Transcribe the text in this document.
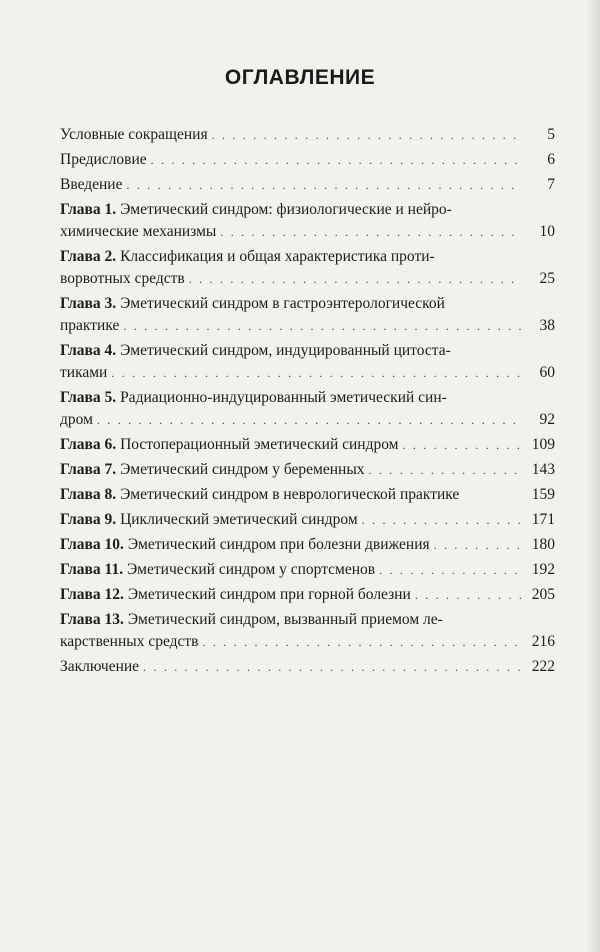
ОГЛАВЛЕНИЕ
Условные сокращения . . .	5
Предисловие . . .	6
Введение . . .	7
Глава 1. Эметический синдром: физиологические и нейро-
химические механизмы . . .	10
Глава 2. Классификация и общая характеристика проти-
ворвотных средств . . .	25
Глава 3. Эметический синдром в гастроэнтерологической
практике . . .	38
Глава 4. Эметический синдром, индуцированный цитоста-
тиками . . .	60
Глава 5. Радиационно-индуцированный эметический син-
дром . . .	92
Глава 6. Постоперационный эметический синдром . . .	109
Глава 7. Эметический синдром у беременных . . .	143
Глава 8. Эметический синдром в неврологической практике	159
Глава 9. Циклический эметический синдром . . .	171
Глава 10. Эметический синдром при болезни движения . . .	180
Глава 11. Эметический синдром у спортсменов . . .	192
Глава 12. Эметический синдром при горной болезни . . .	205
Глава 13. Эметический синдром, вызванный приемом ле-
карственных средств . . .	216
Заключение . . .	222
